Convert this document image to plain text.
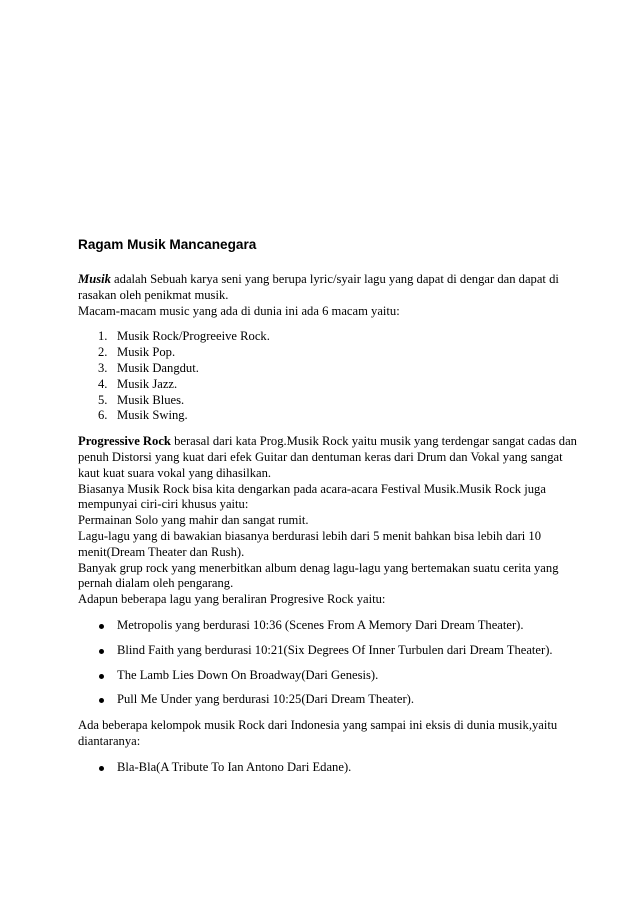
Ragam Musik Mancanegara

Musik adalah Sebuah karya seni yang berupa lyric/syair lagu yang dapat di dengar dan dapat di rasakan oleh penikmat musik.

Macam-macam music yang ada di dunia ini ada 6 macam yaitu:

1. Musik Rock/Progreeive Rock.
2. Musik Pop.
3. Musik Dangdut.
4. Musik Jazz.
5. Musik Blues.
6. Musik Swing.

Progressive Rock berasal dari kata Prog.Musik Rock yaitu musik yang terdengar sangat cadas dan penuh Distorsi yang kuat dari efek Guitar dan dentuman keras dari Drum dan Vokal yang sangat kaut kuat suara vokal yang dihasilkan.

Biasanya Musik Rock bisa kita dengarkan pada acara-acara Festival Musik.Musik Rock juga mempunyai ciri-ciri khusus yaitu:

Permainan Solo yang mahir dan sangat rumit.

Lagu-lagu yang di bawakian biasanya berdurasi lebih dari 5 menit bahkan bisa lebih dari 10 menit(Dream Theater dan Rush).

Banyak grup rock yang menerbitkan album denag lagu-lagu yang bertemakan suatu cerita yang pernah dialam oleh pengarang.

Adapun beberapa lagu yang beraliran Progresive Rock yaitu:

Metropolis yang berdurasi 10:36 (Scenes From A Memory Dari Dream Theater).
Blind Faith yang berdurasi 10:21(Six Degrees Of Inner Turbulen dari Dream Theater).
The Lamb Lies Down On Broadway(Dari Genesis).
Pull Me Under yang berdurasi 10:25(Dari Dream Theater).

Ada beberapa kelompok musik Rock dari Indonesia yang sampai ini eksis di dunia musik,yaitu diantaranya:

Bla-Bla(A Tribute To Ian Antono Dari Edane).
